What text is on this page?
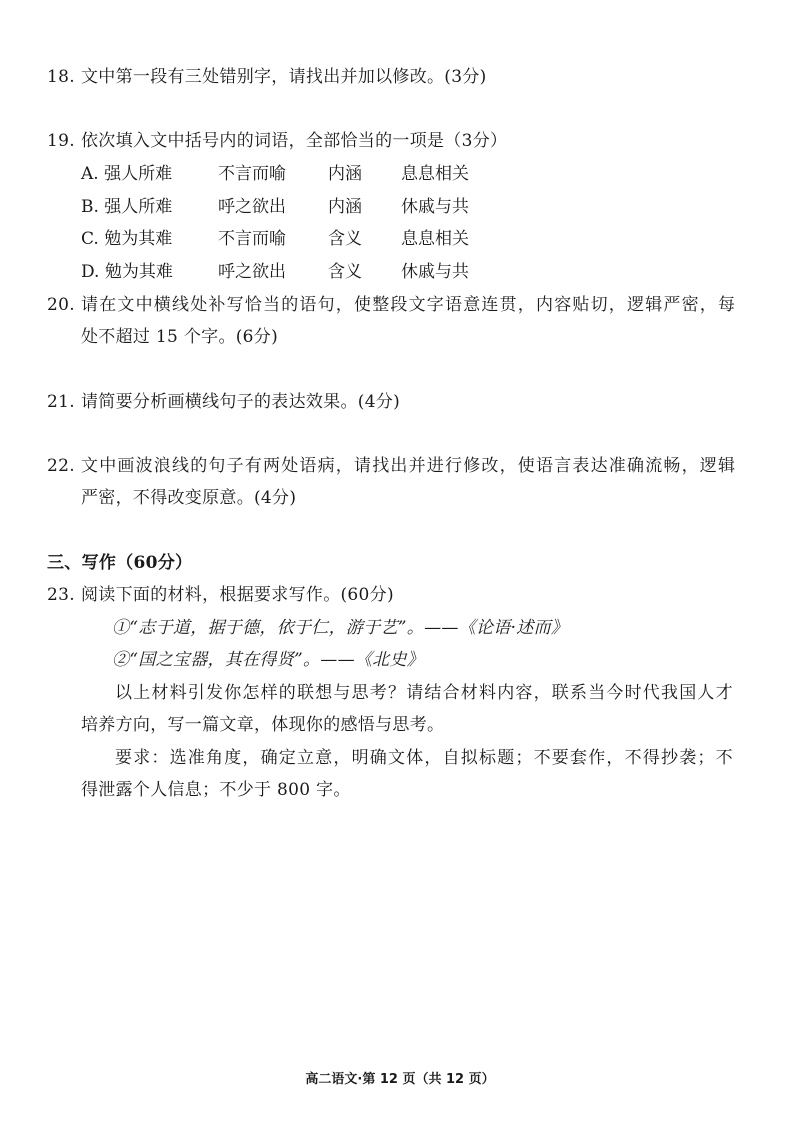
18. 文中第一段有三处错别字，请找出并加以修改。(3分)
19. 依次填入文中括号内的词语，全部恰当的一项是（3分）
A. 强人所难	不言而喻 内涵 息息相关
B. 强人所难	呼之欲出 内涵 休戚与共
C. 勉为其难	不言而喻 含义 息息相关
D. 勉为其难	呼之欲出 含义 休戚与共
20. 请在文中横线处补写恰当的语句，使整段文字语意连贯，内容贴切，逻辑严密，每
处不超过 15 个字。(6分)
21. 请简要分析画横线句子的表达效果。(4分)
22. 文中画波浪线的句子有两处语病，请找出并进行修改，使语言表达准确流畅，逻辑
严密，不得改变原意。(4分)
三、写作（60分）
23. 阅读下面的材料，根据要求写作。(60分)
①“志于道，据于德，依于仁，游于艺”。——《论语·述而》
②“国之宝器，其在得贤”。——《北史》
以上材料引发你怎样的联想与思考？请结合材料内容，联系当今时代我国人才
培养方向，写一篇文章，体现你的感悟与思考。
要求：选准角度，确定立意，明确文体，自拟标题；不要套作，不得抄袭；不
得泄露个人信息；不少于 800 字。
高二语文·第 12 页（共 12 页）
